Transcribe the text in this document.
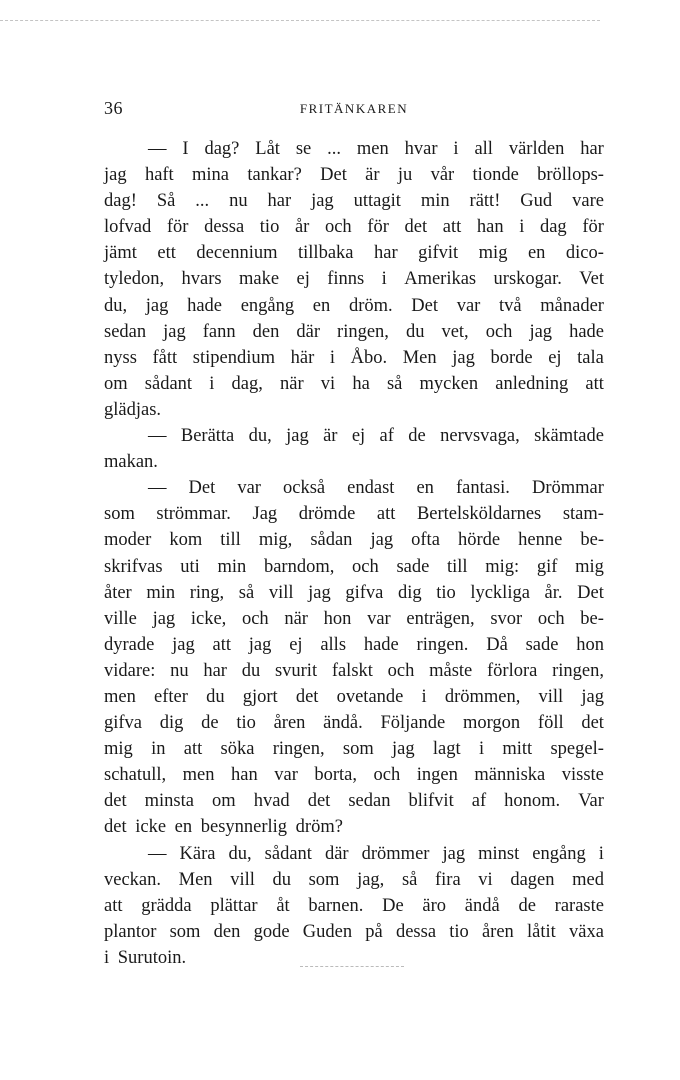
36	FRITÄNKAREN
— I dag? Låt se ... men hvar i all världen har
jag haft mina tankar? Det är ju vår tionde bröllops-
dag! Så ... nu har jag uttagit min rätt! Gud vare
lofvad för dessa tio år och för det att han i dag för
jämt ett decennium tillbaka har gifvit mig en dico-
tyledon, hvars make ej finns i Amerikas urskogar. Vet
du, jag hade engång en dröm. Det var två månader
sedan jag fann den där ringen, du vet, och jag hade
nyss fått stipendium här i Åbo. Men jag borde ej tala
om sådant i dag, när vi ha så mycken anledning att
glädjas.
— Berätta du, jag är ej af de nervsvaga, skämtade
makan.
— Det var också endast en fantasi. Drömmar
som strömmar. Jag drömde att Bertelsköldarnes stam-
moder kom till mig, sådan jag ofta hörde henne be-
skrifvas uti min barndom, och sade till mig: gif mig
åter min ring, så vill jag gifva dig tio lyckliga år. Det
ville jag icke, och när hon var enträgen, svor och be-
dyrade jag att jag ej alls hade ringen. Då sade hon
vidare: nu har du svurit falskt och måste förlora ringen,
men efter du gjort det ovetande i drömmen, vill jag
gifva dig de tio åren ändå. Följande morgon föll det
mig in att söka ringen, som jag lagt i mitt spegel-
schatull, men han var borta, och ingen människa visste
det minsta om hvad det sedan blifvit af honom. Var
det icke en besynnerlig dröm?
— Kära du, sådant där drömmer jag minst engång i
veckan. Men vill du som jag, så fira vi dagen med
att grädda plättar åt barnen. De äro ändå de raraste
plantor som den gode Guden på dessa tio åren låtit växa
i Surutoin.
